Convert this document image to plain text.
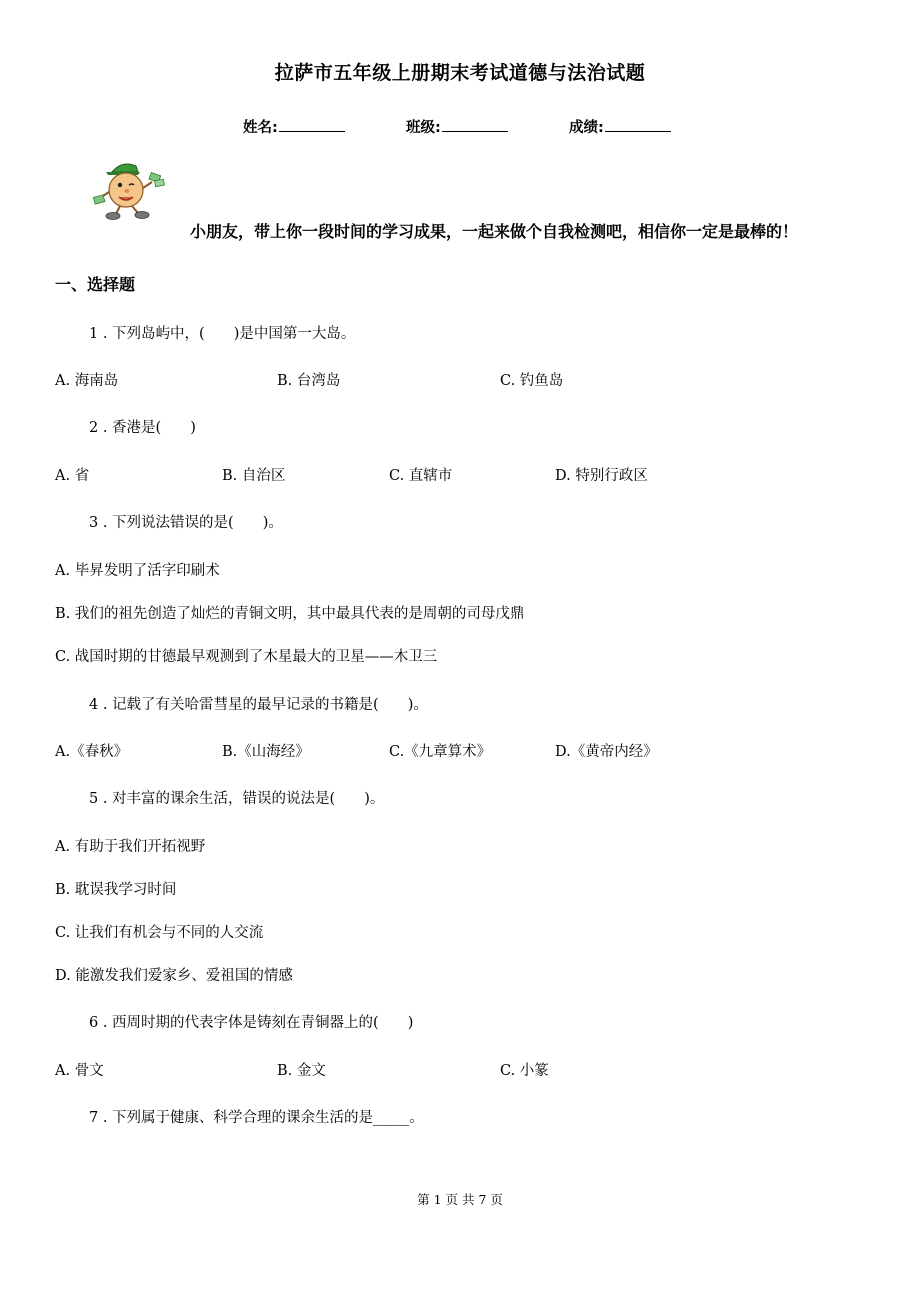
拉萨市五年级上册期末考试道德与法治试题
姓名:	班级:	成绩:
小朋友，带上你一段时间的学习成果，一起来做个自我检测吧，相信你一定是最棒的！
一、选择题
1 . 下列岛屿中，(　　)是中国第一大岛。
A. 海南岛	B. 台湾岛	C. 钓鱼岛
2 . 香港是(　　)
A. 省	B. 自治区	C. 直辖市	D. 特别行政区
3 . 下列说法错误的是(　　)。
A. 毕昇发明了活字印刷术
B. 我们的祖先创造了灿烂的青铜文明，其中最具代表的是周朝的司母戊鼎
C. 战国时期的甘德最早观测到了木星最大的卫星——木卫三
4 . 记载了有关哈雷彗星的最早记录的书籍是(　　)。
A.《春秋》	B.《山海经》	C.《九章算术》	D.《黄帝内经》
5 . 对丰富的课余生活，错误的说法是(　　)。
A. 有助于我们开拓视野
B. 耽误我学习时间
C. 让我们有机会与不同的人交流
D. 能激发我们爱家乡、爱祖国的情感
6 . 西周时期的代表字体是铸刻在青铜器上的(　　)
A. 骨文	B. 金文	C. 小篆
7 . 下列属于健康、科学合理的课余生活的是_____。
第 1 页 共 7 页
